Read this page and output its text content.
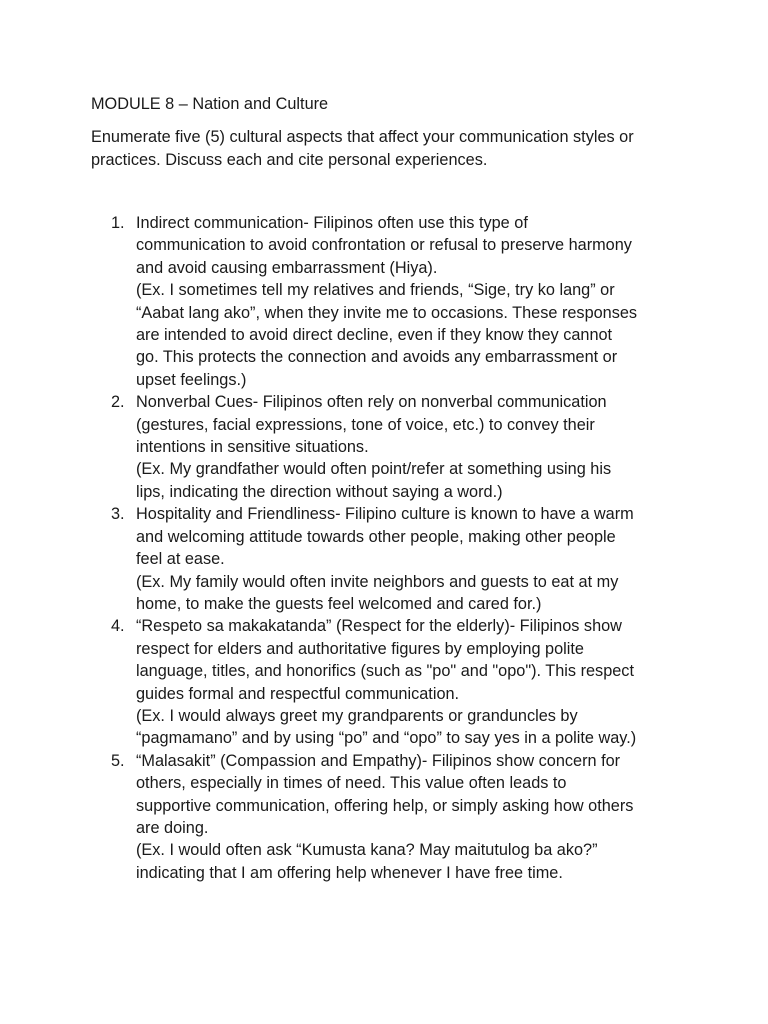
MODULE 8 – Nation and Culture

Enumerate five (5) cultural aspects that affect your communication styles or
practices. Discuss each and cite personal experiences.

1. Indirect communication- Filipinos often use this type of
communication to avoid confrontation or refusal to preserve harmony
and avoid causing embarrassment (Hiya).
(Ex. I sometimes tell my relatives and friends, “Sige, try ko lang” or
“Aabat lang ako”, when they invite me to occasions. These responses
are intended to avoid direct decline, even if they know they cannot
go. This protects the connection and avoids any embarrassment or
upset feelings.)
2. Nonverbal Cues- Filipinos often rely on nonverbal communication
(gestures, facial expressions, tone of voice, etc.) to convey their
intentions in sensitive situations.
(Ex. My grandfather would often point/refer at something using his
lips, indicating the direction without saying a word.)
3. Hospitality and Friendliness- Filipino culture is known to have a warm
and welcoming attitude towards other people, making other people
feel at ease.
(Ex. My family would often invite neighbors and guests to eat at my
home, to make the guests feel welcomed and cared for.)
4. “Respeto sa makakatanda” (Respect for the elderly)- Filipinos show
respect for elders and authoritative figures by employing polite
language, titles, and honorifics (such as "po" and "opo"). This respect
guides formal and respectful communication.
(Ex. I would always greet my grandparents or granduncles by
“pagmamano” and by using “po” and “opo” to say yes in a polite way.)
5. “Malasakit” (Compassion and Empathy)- Filipinos show concern for
others, especially in times of need. This value often leads to
supportive communication, offering help, or simply asking how others
are doing.
(Ex. I would often ask “Kumusta kana? May maitutulog ba ako?”
indicating that I am offering help whenever I have free time.
